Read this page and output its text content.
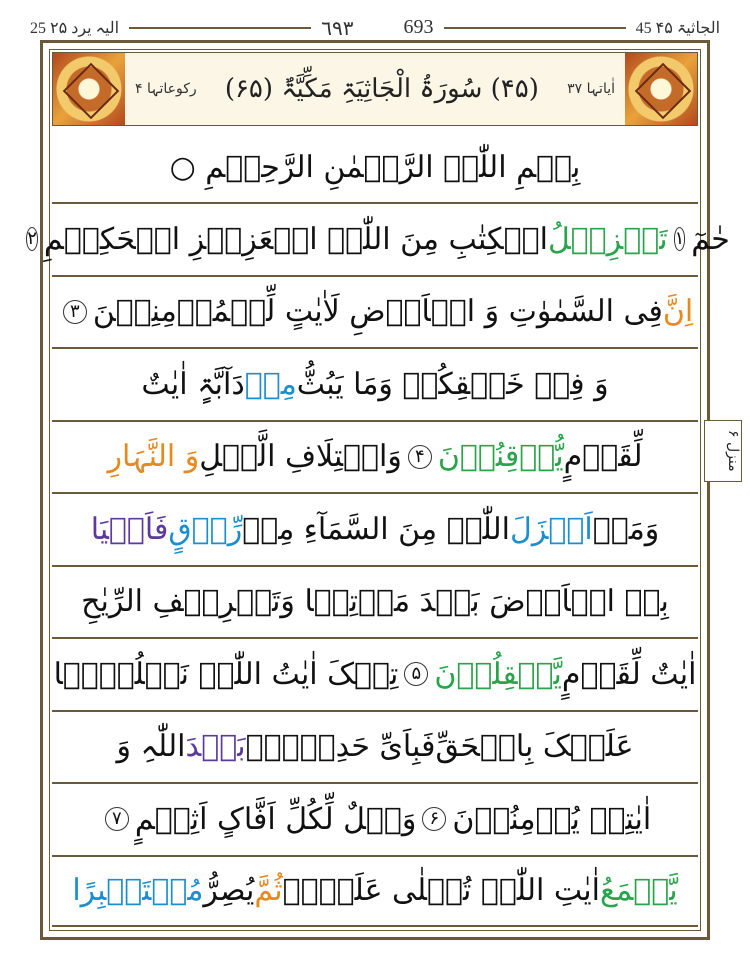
25 الیہ یرد ۲۵	٦٩٣	693	45 الجاثیۃ ۴۵
اٰیاتہا ۳۷
(۴۵) سُورَۃُ الْجَاثِیَۃِ مَکِّیَّۃٌ (۶۵)
رکوعاتہا ۴
بِسۡمِ اللّٰہِ الرَّحۡمٰنِ الرَّحِیۡمِ ○
حٰمٓ
۱
تَنۡزِیۡلُ
الۡکِتٰبِ مِنَ اللّٰہِ الۡعَزِیۡزِ الۡحَکِیۡمِ
۲
اِنَّ
فِی السَّمٰوٰتِ وَ الۡاَرۡضِ لَاٰیٰتٍ لِّلۡمُؤۡمِنِیۡنَ
۳
وَ فِیۡ خَلۡقِکُمۡ وَمَا یَبُثُّ
مِنۡ
دَآبَّۃٍ اٰیٰتٌ
لِّقَوۡمٍ
یُّوۡقِنُوۡنَ
۴
وَاخۡتِلَافِ الَّیۡلِ
وَ النَّہَارِ
وَمَاۤ
اَنۡزَلَ
اللّٰہُ مِنَ السَّمَآءِ مِنۡ
رِّزۡقٍ
فَاَحۡیَا
بِہِ الۡاَرۡضَ بَعۡدَ مَوۡتِہَا وَتَصۡرِیۡفِ الرِّیٰحِ
اٰیٰتٌ لِّقَوۡمٍ
یَّعۡقِلُوۡنَ
۵
تِلۡکَ اٰیٰتُ اللّٰہِ نَتۡلُوۡہَا
عَلَیۡکَ بِالۡحَقِّ
فَبِاَیِّ حَدِیۡثٍۭ
بَعۡدَ
اللّٰہِ وَ
اٰیٰتِہٖ یُؤۡمِنُوۡنَ
۶
وَیۡلٌ لِّکُلِّ اَفَّاکٍ اَثِیۡمٍ
۷
یَّسۡمَعُ
اٰیٰتِ اللّٰہِ تُتۡلٰی عَلَیۡہِ
ثُمَّ
یُصِرُّ
مُسۡتَکۡبِرًا
منزل ۶
